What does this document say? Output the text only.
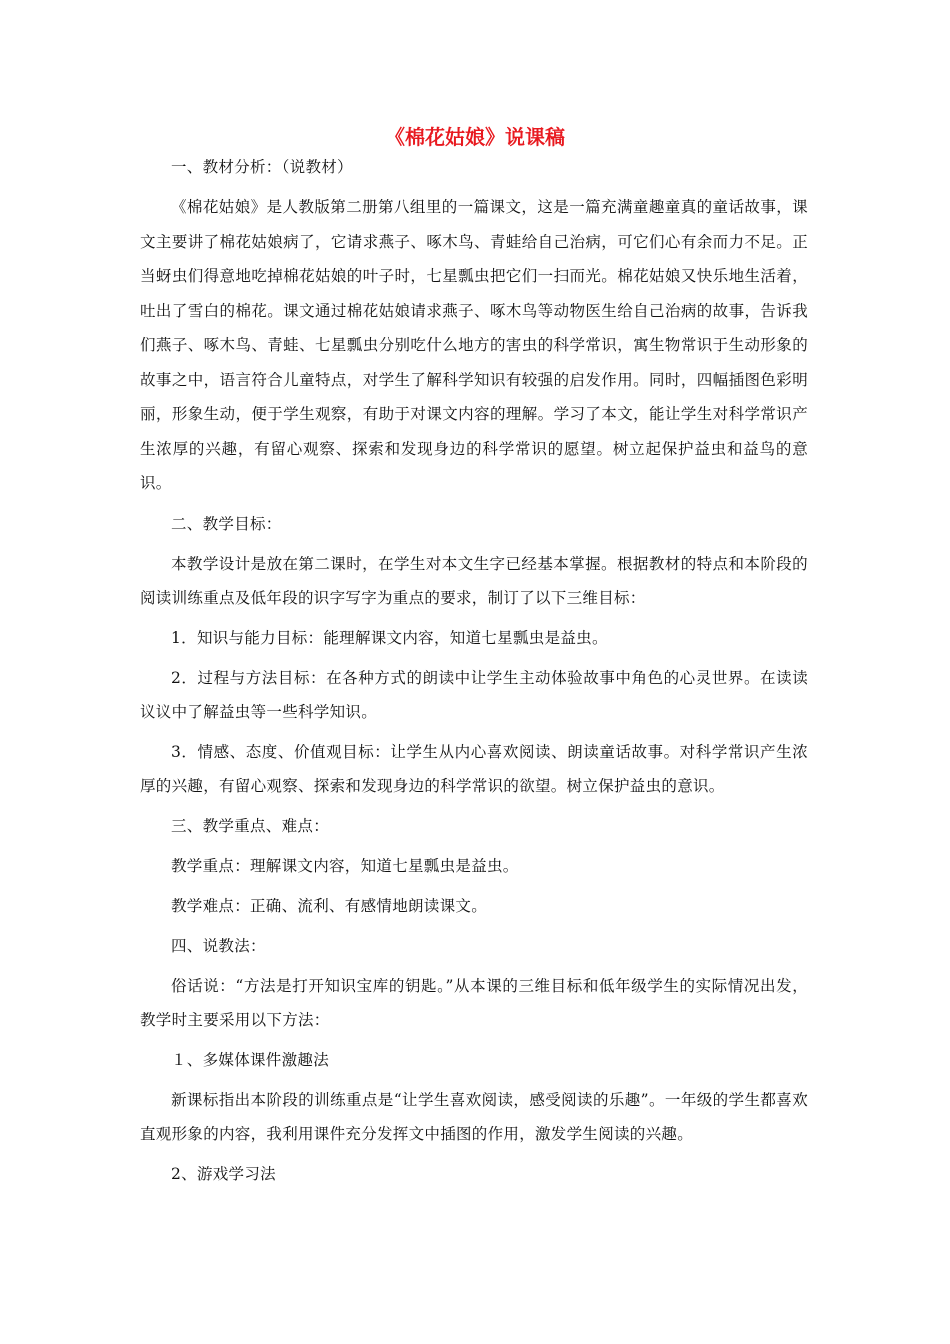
《棉花姑娘》说课稿

一、教材分析：（说教材）

《棉花姑娘》是人教版第二册第八组里的一篇课文，这是一篇充满童趣童真的童话故事，课文主要讲了棉花姑娘病了，它请求燕子、啄木鸟、青蛙给自己治病，可它们心有余而力不足。正当蚜虫们得意地吃掉棉花姑娘的叶子时，七星瓢虫把它们一扫而光。棉花姑娘又快乐地生活着，吐出了雪白的棉花。课文通过棉花姑娘请求燕子、啄木鸟等动物医生给自己治病的故事，告诉我们燕子、啄木鸟、青蛙、七星瓢虫分别吃什么地方的害虫的科学常识，寓生物常识于生动形象的故事之中，语言符合儿童特点，对学生了解科学知识有较强的启发作用。同时，四幅插图色彩明丽，形象生动，便于学生观察，有助于对课文内容的理解。学习了本文，能让学生对科学常识产生浓厚的兴趣，有留心观察、探索和发现身边的科学常识的愿望。树立起保护益虫和益鸟的意识。

二、教学目标：

本教学设计是放在第二课时，在学生对本文生字已经基本掌握。根据教材的特点和本阶段的阅读训练重点及低年段的识字写字为重点的要求，制订了以下三维目标：

1．知识与能力目标：能理解课文内容，知道七星瓢虫是益虫。

2．过程与方法目标：在各种方式的朗读中让学生主动体验故事中角色的心灵世界。在读读议议中了解益虫等一些科学知识。

3．情感、态度、价值观目标：让学生从内心喜欢阅读、朗读童话故事。对科学常识产生浓厚的兴趣，有留心观察、探索和发现身边的科学常识的欲望。树立保护益虫的意识。

三、教学重点、难点：

教学重点：理解课文内容，知道七星瓢虫是益虫。

教学难点：正确、流利、有感情地朗读课文。

四、说教法：

俗话说：“方法是打开知识宝库的钥匙。”从本课的三维目标和低年级学生的实际情况出发，教学时主要采用以下方法：

１、多媒体课件激趣法

新课标指出本阶段的训练重点是“让学生喜欢阅读，感受阅读的乐趣”。一年级的学生都喜欢直观形象的内容，我利用课件充分发挥文中插图的作用，激发学生阅读的兴趣。

2、游戏学习法
